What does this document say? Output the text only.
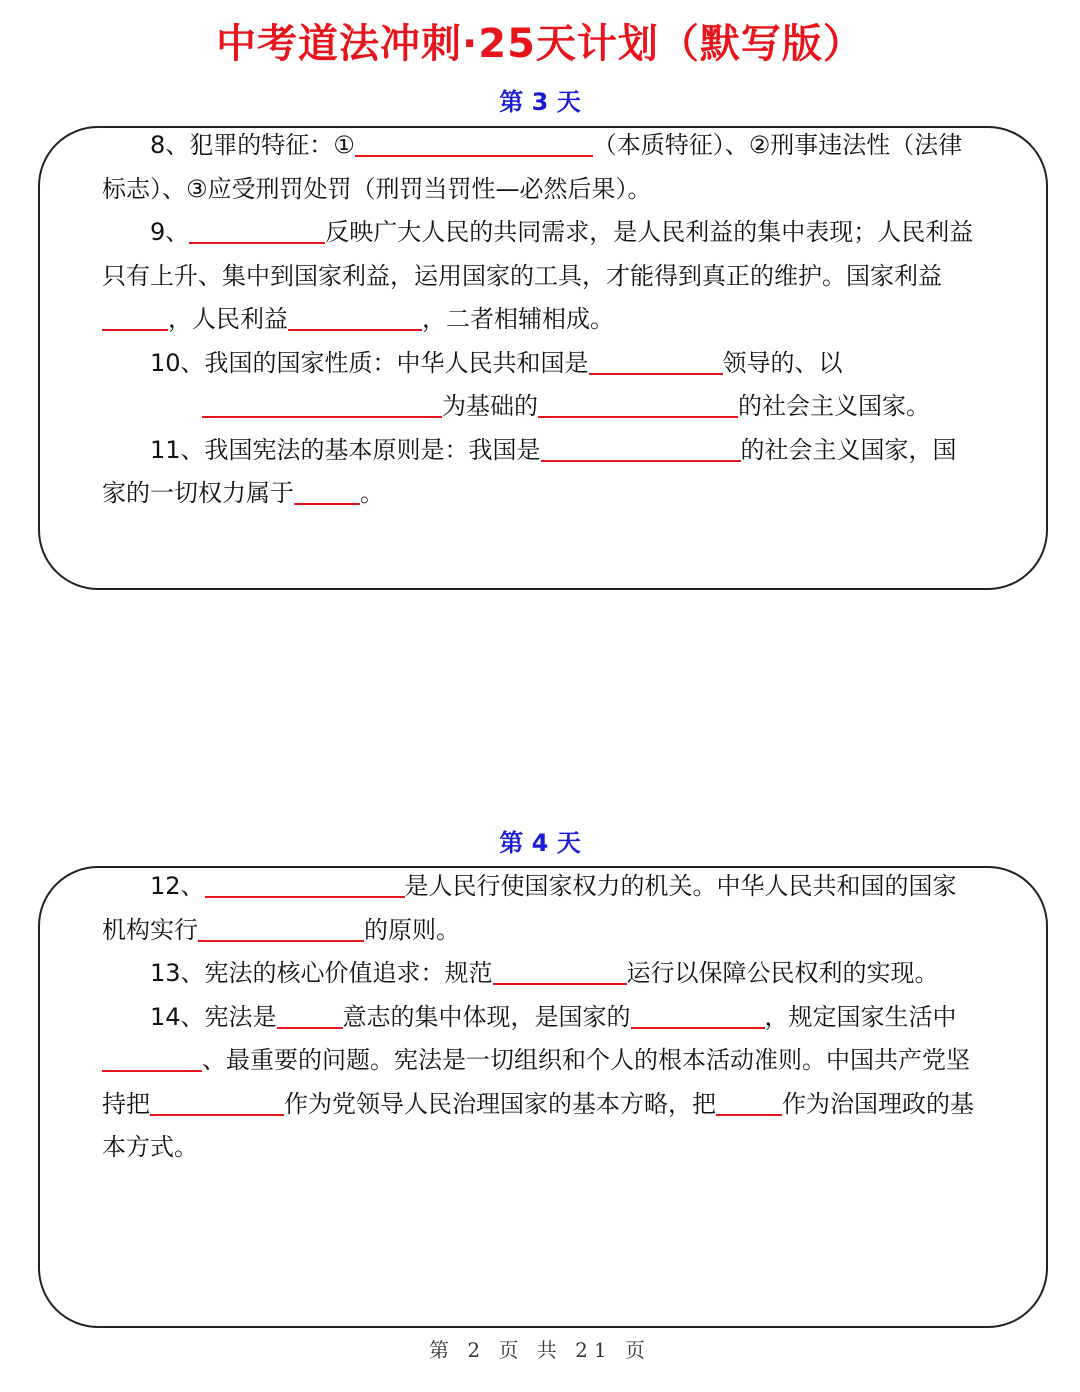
中考道法冲刺·25天计划（默写版）
第 3 天

8、犯罪的特征：①	（本质特征）、②刑事违法性（法律标志）、③应受刑罚处罚（刑罚当罚性—必然后果）。

9、	反映广大人民的共同需求，是人民利益的集中表现；人民利益只有上升、集中到国家利益，运用国家的工具，才能得到真正的维护。国家利益，人民利益	，二者相辅相成。

10、我国的国家性质：中华人民共和国是	领导的、以为基础的	的社会主义国家。

11、我国宪法的基本原则是：我国是	的社会主义国家，国家的一切权力属于	。

第 4 天

12、	是人民行使国家权力的机关。中华人民共和国的国家机构实行	的原则。

13、宪法的核心价值追求：规范	运行以保障公民权利的实现。

14、宪法是	意志的集中体现，是国家的	，规定国家生活中、最重要的问题。宪法是一切组织和个人的根本活动准则。中国共产党坚持把	作为党领导人民治理国家的基本方略，把	作为治国理政的基本方式。

第 2 页 共 21 页
